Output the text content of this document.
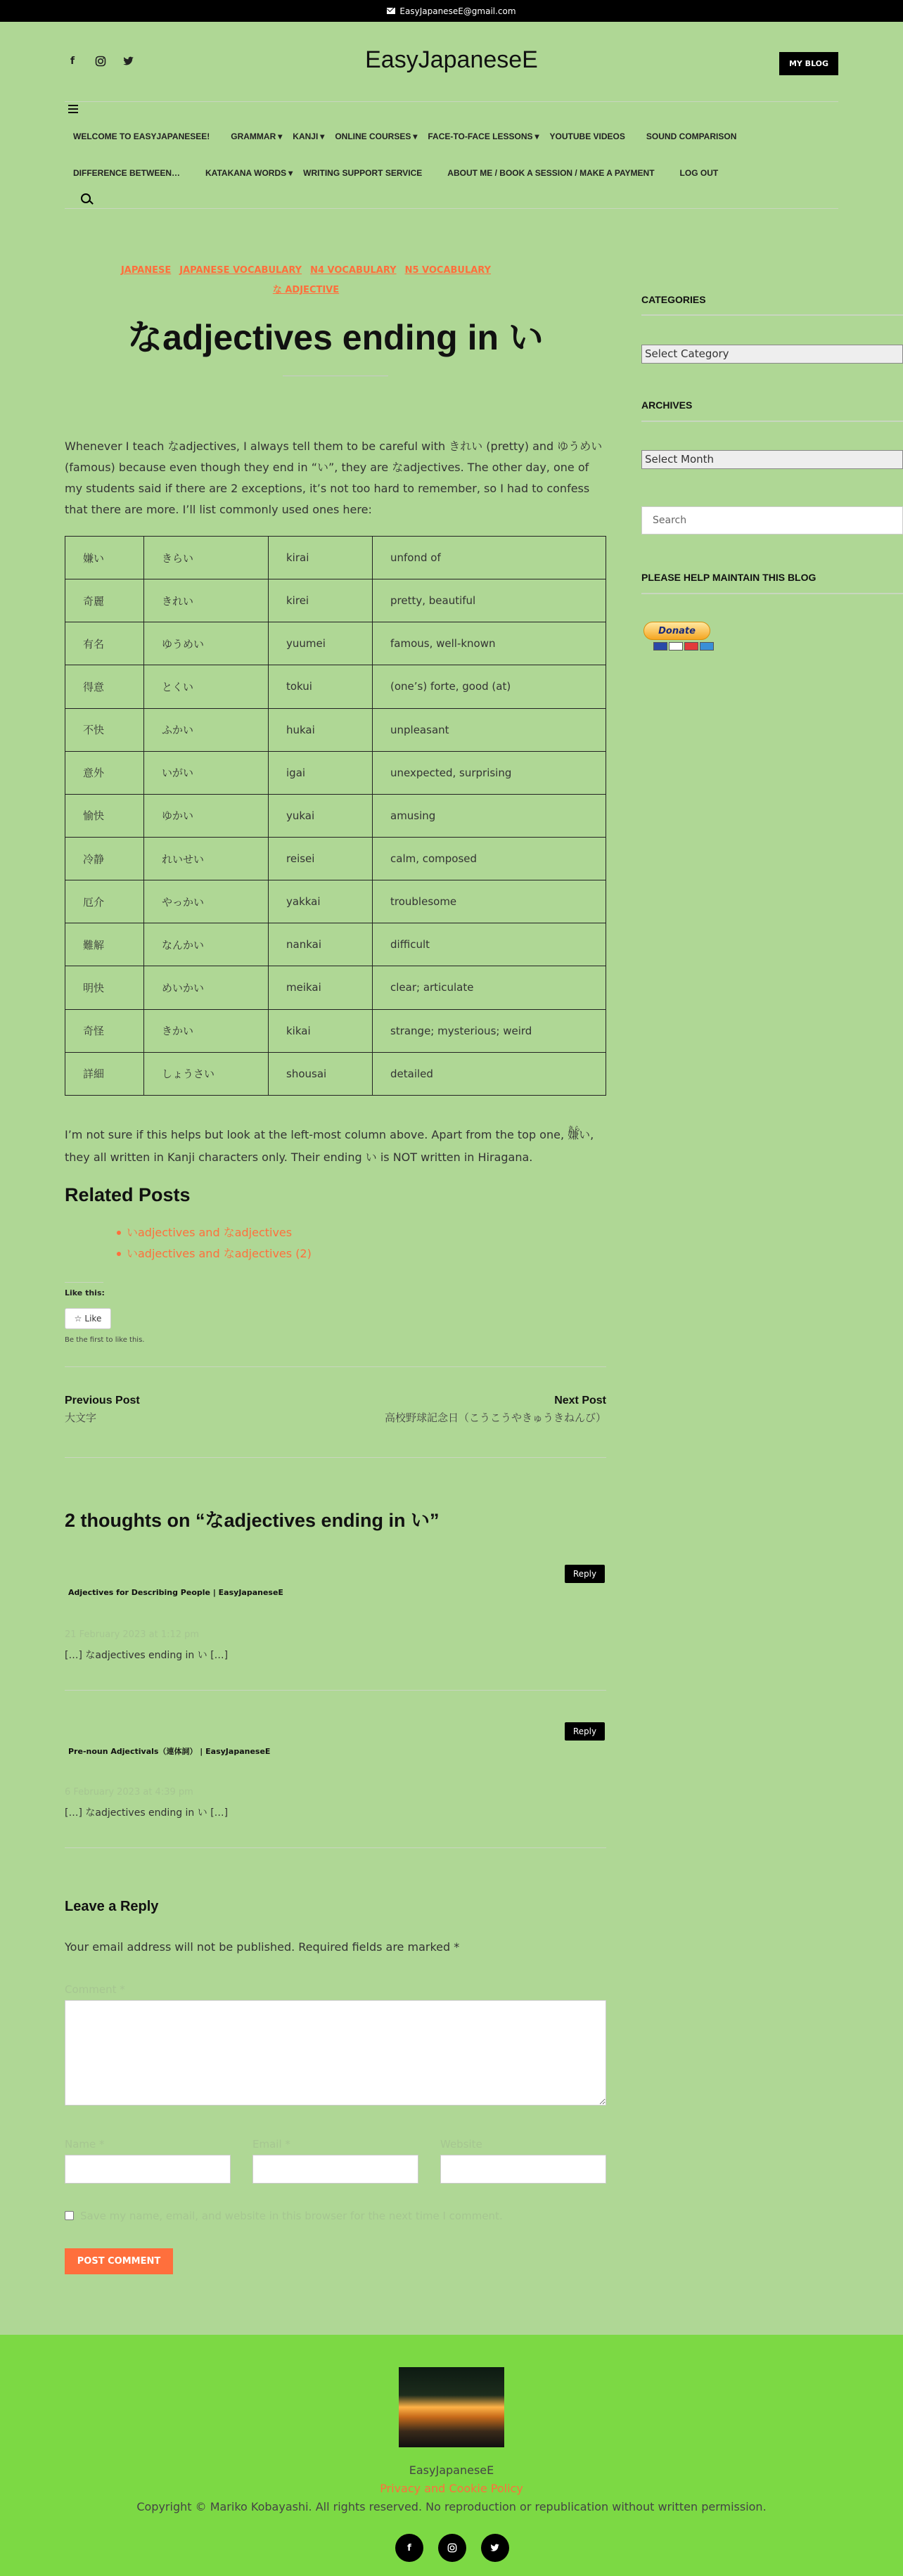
EasyJapaneseE@gmail.com
f	EasyJapaneseE	MY BLOG
WELCOME TO EASYJAPANESEE!	GRAMMAR ▾ KANJI ▾ ONLINE COURSES ▾ FACE-TO-FACE LESSONS ▾ YOUTUBE VIDEOS	SOUND COMPARISON
DIFFERENCE BETWEEN…	KATAKANA WORDS ▾ WRITING SUPPORT SERVICE	ABOUT ME / BOOK A SESSION / MAKE A PAYMENT	LOG OUT
JAPANESE JAPANESE VOCABULARY N4 VOCABULARY N5 VOCABULARY
な ADJECTIVE
なadjectives ending in い

Whenever I teach なadjectives, I always tell them to be careful with きれい (pretty) and ゆうめい (famous) because even though they end in “い”, they are なadjectives. The other day, one of my students said if there are 2 exceptions, it’s not too hard to remember, so I had to confess that there are more. I’ll list commonly used ones here:

嫌い	きらい	kirai	unfond of
奇麗	きれい	kirei	pretty, beautiful
有名	ゆうめい	yuumei	famous, well-known
得意	とくい	tokui	(one’s) forte, good (at)
不快	ふかい	hukai	unpleasant
意外	いがい	igai	unexpected, surprising
愉快	ゆかい	yukai	amusing
冷静	れいせい	reisei	calm, composed
厄介	やっかい	yakkai	troublesome
難解	なんかい	nankai	difficult
明快	めいかい	meikai	clear; articulate
奇怪	きかい	kikai	strange; mysterious; weird
詳細	しょうさい	shousai	detailed

I’m not sure if this helps but look at the left-most column above. Apart from the top one, きら 嫌い, they all written in Kanji characters only. Their ending い is NOT written in Hiragana.

Related Posts
いadjectives and なadjectives
いadjectives and なadjectives (2)
Like this:
☆ Like
Be the first to like this.
Previous Post
大文字
Next Post
高校野球記念日（こうこうやきゅうきねんび）
2 thoughts on “なadjectives ending in い”
Reply
Adjectives for Describing People | EasyJapaneseE
21 February 2023 at 1:12 pm
[…] なadjectives ending in い […]
Reply
Pre-noun Adjectivals（連体詞） | EasyJapaneseE
6 February 2023 at 4:39 pm
[…] なadjectives ending in い […]
Leave a Reply

Your email address will not be published. Required fields are marked *

Comment *
Name *	Email *	Website
Save my name, email, and website in this browser for the next time I comment.
POST COMMENT
CATEGORIES
Select Category
ARCHIVES
Select Month
Search
PLEASE HELP MAINTAIN THIS BLOG
Donate
EasyJapaneseE
Privacy and Cookie Policy
Copyright © Mariko Kobayashi. All rights reserved. No reproduction or republication without written permission.
f
